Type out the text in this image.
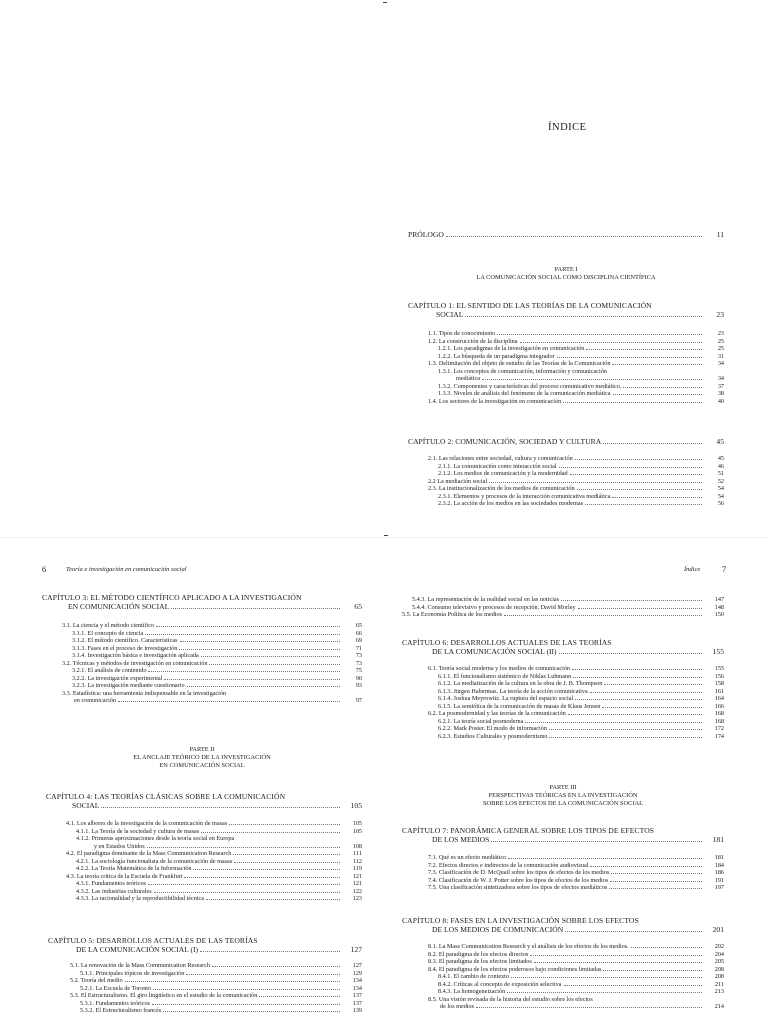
ÍNDICE
PRÓLOGO	11
PARTE I
LA COMUNICACIÓN SOCIAL COMO DISCIPLINA CIENTÍFICA
CAPÍTULO 1: EL SENTIDO DE LAS TEORÍAS DE LA COMUNICACIÓN
SOCIAL	23
1.1. Tipos de conocimiento	23
1.2. La construcción de la disciplina	25
1.2.1. Los paradigmas de la investigación en comunicación	25
1.2.2. La búsqueda de un paradigma integrador	31
1.3. Delimitación del objeto de estudio de las Teorías de la Comunicación	34
1.3.1. Los conceptos de comunicación, información y comunicación
mediática	34
1.3.2. Componentes y características del proceso comunicativo mediático.	37
1.3.3. Niveles de análisis del fenómeno de la comunicación mediática	38
1.4. Los sectores de la investigación en comunicación	40
CAPÍTULO 2: COMUNICACIÓN, SOCIEDAD Y CULTURA	45
2.1. Las relaciones entre sociedad, cultura y comunicación	45
2.1.1. La comunicación como interacción social	46
2.1.2. Los medios de comunicación y la modernidad	51
2.2 La mediación social	52
2.3. La institucionalización de los medios de comunicación	54
2.3.1. Elementos y procesos de la interacción comunicativa mediática	54
2.3.2. La acción de los medios en las sociedades modernas	56
6	Teoría e investigación en comunicación social
CAPÍTULO 3: EL MÉTODO CIENTÍFICO APLICADO A LA INVESTIGACIÓN
EN COMUNICACIÓN SOCIAL	65
3.1. La ciencia y el método científico	65
3.1.1. El concepto de ciencia	66
3.1.2. El método científico. Características	69
3.1.3. Fases en el proceso de investigación	71
3.1.4. Investigación básica e investigación aplicada	73
3.2. Técnicas y métodos de investigación en comunicación	73
3.2.1. El análisis de contenido	75
3.2.2. La investigación experimental	90
3.2.3. La investigación mediante cuestionario	93
3.3. Estadística: una herramienta indispensable en la investigación
en comunicación	97
PARTE II
EL ANCLAJE TEÓRICO DE LA INVESTIGACIÓN
EN COMUNICACIÓN SOCIAL
CAPÍTULO 4: LAS TEORÍAS CLÁSICAS SOBRE LA COMUNICACIÓN
SOCIAL	105
4.1. Los albores de la investigación de la comunicación de masas	105
4.1.1. La Teoría de la sociedad y cultura de masas	105
4.1.2. Primeras aproximaciones desde la teoría social en Europa
y en Estados Unidos	108
4.2. El paradigma dominante de la Mass Communication Research	111
4.2.1. La sociología funcionalista de la comunicación de masas	112
4.2.2. La Teoría Matemática de la Información	119
4.3. La teoría crítica de la Escuela de Frankfurt	121
4.3.1. Fundamentos teóricos	121
4.3.2. Las industrias culturales	122
4.3.3. La racionalidad y la reproductibilidad técnica	123
CAPÍTULO 5: DESARROLLOS ACTUALES DE LAS TEORÍAS
DE LA COMUNICACIÓN SOCIAL (I)	127
5.1. La renovación de la Mass Communication Research	127
5.1.1. Principales tópicos de investigación	129
5.2. Teoría del medio	134
5.2.1. La Escuela de Toronto	134
5.3. El Estructuralismo. El giro lingüístico en el estudio de la comunicación	137
5.3.1. Fundamentos teóricos	137
5.3.2. El Estructuralismo francés	139
Índice	7
5.4.3. La representación de la realidad social en las noticias	147
5.4.4. Consumo televisivo y procesos de recepción. David Morley	148
5.5. La Economía Política de los medios	150
CAPÍTULO 6: DESARROLLOS ACTUALES DE LAS TEORÍAS
DE LA COMUNICACIÓN SOCIAL (II)	155
6.1. Teoría social moderna y los medios de comunicación	155
6.1.1. El funcionalismo sistémico de Niklas Luhmann	156
6.1.2. La mediatización de la cultura en la obra de J. B. Thompson	158
6.1.3. Jürgen Habermas. La teoría de la acción comunicativa	161
6.1.4. Joshua Meyrowitz. La ruptura del espacio social	164
6.1.5. La semiótica de la comunicación de masas de Klaus Jensen	166
6.2. La posmodernidad y las teorías de la comunicación	168
6.2.1. La teoría social posmoderna	168
6.2.2. Mark Poster. El modo de información	172
6.2.3. Estudios Culturales y posmodernismo	174
PARTE III
PERSPECTIVAS TEÓRICAS EN LA INVESTIGACIÓN
SOBRE LOS EFECTOS DE LA COMUNICACIÓN SOCIAL
CAPÍTULO 7: PANORÁMICA GENERAL SOBRE LOS TIPOS DE EFECTOS
DE LOS MEDIOS	181
7.1. Qué es un efecto mediático	181
7.2. Efectos directos e indirectos de la comunicación audiovisual	184
7.3. Clasificación de D. McQuail sobre los tipos de efectos de los medios	186
7.4. Clasificación de W. J. Potter sobre los tipos de efectos de los medios	191
7.5. Una clasificación sintetizadora sobre los tipos de efectos mediáticos	197
CAPÍTULO 8: FASES EN LA INVESTIGACIÓN SOBRE LOS EFECTOS
DE LOS MEDIOS DE COMUNICACIÓN	201
8.1. La Mass Communication Research y el análisis de los efectos de los medios.	202
8.2. El paradigma de los efectos directos	204
8.3. El paradigma de los efectos limitados	205
8.4. El paradigma de los efectos poderosos bajo condiciones limitadas	208
8.4.1. El cambio de contexto	208
8.4.2. Críticas al concepto de exposición selectiva	211
8.4.3. La homogeneización	213
8.5. Una visión revisada de la historia del estudio sobre los efectos
de los medios	214
